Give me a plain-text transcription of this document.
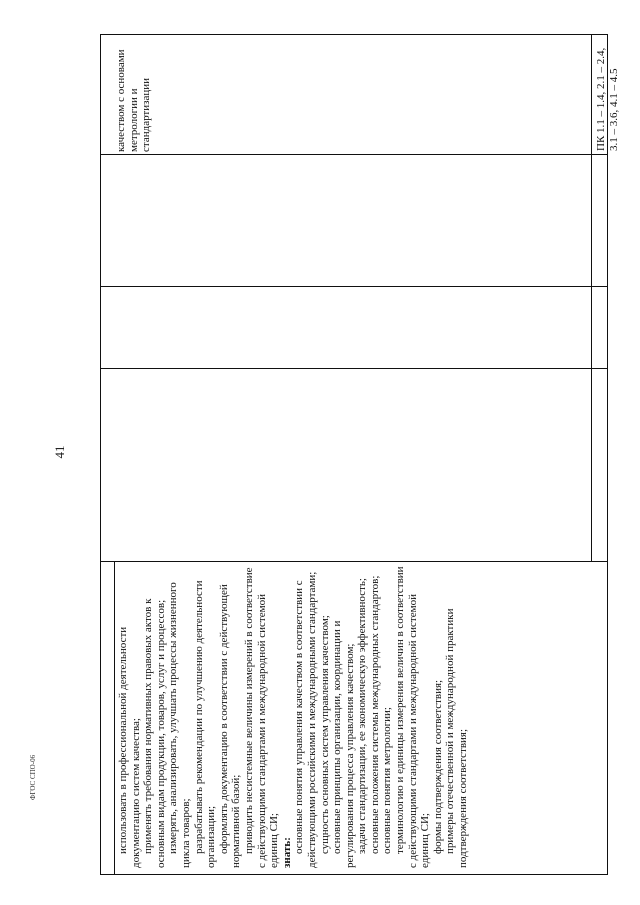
41
ФГОС СПО-06	использовать в профессиональной деятельности документацию систем качества; применять требования нормативных правовых актов к основным видам продукции, товаров, услуг и процессов; измерять, анализировать, улучшать процессы жизненного цикла товаров; разрабатывать рекомендации по улучшению деятельности организации; оформлять документацию в соответствии с действующей нормативной базой; приводить несистемные величины измерений в соответствие с действующими стандартами и международной системой единиц СИ; знать: основные понятия управления качеством в соответствии с действующими российскими и международными стандартами; сущность основных систем управления качеством; основные принципы организации, координации и регулирования процесса управления качеством; задачи стандартизации, ее экономическую эффективность; основные положения системы международных стандартов; основные понятия метрологии; терминологию и единицы измерения величин в соответствии с действующими стандартами и международной системой единиц СИ; формы подтверждения соответствия; примеры отечественной и международной практики подтверждения соответствия;

качеством с основами метрологии и стандартизации	ПК 1.1 – 1.4, 2.1 – 2.4, 3.1 – 3.6, 4.1 – 4.5
